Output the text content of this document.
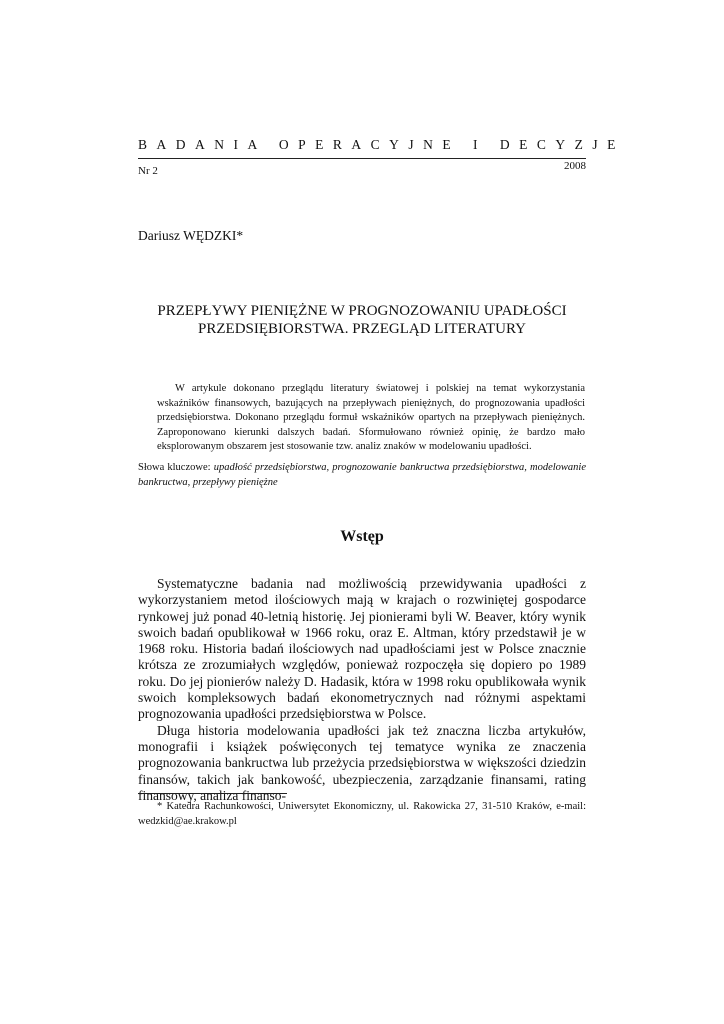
BADANIA OPERACYJNE I DECYZJE
Nr 2	2008
Dariusz WĘDZKI*
PRZEPŁYWY PIENIĘŻNE W PROGNOZOWANIU UPADŁOŚCI
PRZEDSIĘBIORSTWA. PRZEGLĄD LITERATURY

W artykule dokonano przeglądu literatury światowej i polskiej na temat wykorzystania wskaźników finansowych, bazujących na przepływach pieniężnych, do prognozowania upadłości przedsiębiorstwa. Dokonano przeglądu formuł wskaźników opartych na przepływach pieniężnych. Zaproponowano kierunki dalszych badań. Sformułowano również opinię, że bardzo mało eksplorowanym obszarem jest stosowanie tzw. analiz znaków w modelowaniu upadłości.

Słowa kluczowe: upadłość przedsiębiorstwa, prognozowanie bankructwa przedsiębiorstwa, modelowanie bankructwa, przepływy pieniężne

Wstęp

Systematyczne badania nad możliwością przewidywania upadłości z wykorzystaniem metod ilościowych mają w krajach o rozwiniętej gospodarce rynkowej już ponad 40-letnią historię. Jej pionierami byli W. Beaver, który wynik swoich badań opublikował w 1966 roku, oraz E. Altman, który przedstawił je w 1968 roku. Historia badań ilościowych nad upadłościami jest w Polsce znacznie krótsza ze zrozumiałych względów, ponieważ rozpoczęła się dopiero po 1989 roku. Do jej pionierów należy D. Hadasik, która w 1998 roku opublikowała wynik swoich kompleksowych badań ekonometrycznych nad różnymi aspektami prognozowania upadłości przedsiębiorstwa w Polsce.

Długa historia modelowania upadłości jak też znaczna liczba artykułów, monografii i książek poświęconych tej tematyce wynika ze znaczenia prognozowania bankructwa lub przeżycia przedsiębiorstwa w większości dziedzin finansów, takich jak bankowość, ubezpieczenia, zarządzanie finansami, rating finansowy, analiza finanso-

* Katedra Rachunkowości, Uniwersytet Ekonomiczny, ul. Rakowicka 27, 31-510 Kraków, e-mail: wedzkid@ae.krakow.pl
